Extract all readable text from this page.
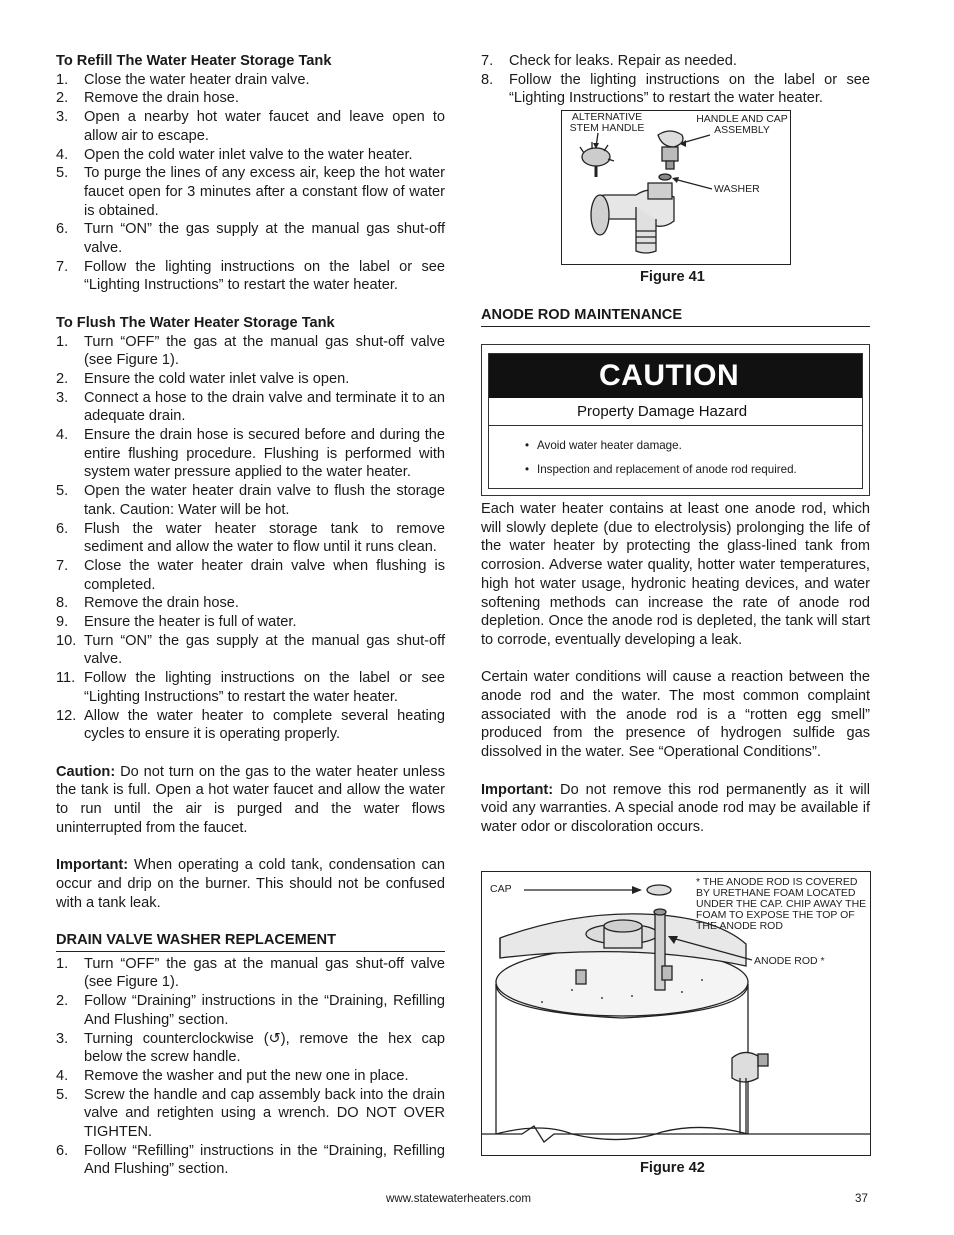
To Refill The Water Heater Storage Tank
1. Close the water heater drain valve.
2. Remove the drain hose.
3. Open a nearby hot water faucet and leave open to allow air to escape.
4. Open the cold water inlet valve to the water heater.
5. To purge the lines of any excess air, keep the hot water faucet open for 3 minutes after a constant flow of water is obtained.
6. Turn “ON” the gas supply at the manual gas shut-off valve.
7. Follow the lighting instructions on the label or see “Lighting Instructions” to restart the water heater.
To Flush The Water Heater Storage Tank
1. Turn “OFF” the gas at the manual gas shut-off valve (see Figure 1).
2. Ensure the cold water inlet valve is open.
3. Connect a hose to the drain valve and terminate it to an adequate drain.
4. Ensure the drain hose is secured before and during the entire flushing procedure. Flushing is performed with system water pressure applied to the water heater.
5. Open the water heater drain valve to flush the storage tank. Caution: Water will be hot.
6. Flush the water heater storage tank to remove sediment and allow the water to flow until it runs clean.
7. Close the water heater drain valve when flushing is completed.
8. Remove the drain hose.
9. Ensure the heater is full of water.
10. Turn “ON” the gas supply at the manual gas shut-off valve.
11. Follow the lighting instructions on the label or see “Lighting Instructions” to restart the water heater.
12. Allow the water heater to complete several heating cycles to ensure it is operating properly.

Caution: Do not turn on the gas to the water heater unless the tank is full. Open a hot water faucet and allow the water to run until the air is purged and the water flows uninterrupted from the faucet.

Important: When operating a cold tank, condensation can occur and drip on the burner. This should not be confused with a tank leak.

DRAIN VALVE WASHER REPLACEMENT
1. Turn “OFF” the gas at the manual gas shut-off valve (see Figure 1).
2. Follow “Draining” instructions in the “Draining, Refilling And Flushing” section.
3. Turning counterclockwise (↺), remove the hex cap below the screw handle.
4. Remove the washer and put the new one in place.
5. Screw the handle and cap assembly back into the drain valve and retighten using a wrench. DO NOT OVER TIGHTEN.
6. Follow “Refilling” instructions in the “Draining, Refilling And Flushing” section.
7. Check for leaks. Repair as needed.
8. Follow the lighting instructions on the label or see “Lighting Instructions” to restart the water heater.
ALTERNATIVE STEM HANDLE
HANDLE AND CAP ASSEMBLY
WASHER
Figure 41
ANODE ROD MAINTENANCE
CAUTION
Property Damage Hazard
• Avoid water heater damage.
• Inspection and replacement of anode rod required.

Each water heater contains at least one anode rod, which will slowly deplete (due to electrolysis) prolonging the life of the water heater by protecting the glass-lined tank from corrosion. Adverse water quality, hotter water temperatures, high hot water usage, hydronic heating devices, and water softening methods can increase the rate of anode rod depletion. Once the anode rod is depleted, the tank will start to corrode, eventually developing a leak.

Certain water conditions will cause a reaction between the anode rod and the water. The most common complaint associated with the anode rod is a “rotten egg smell” produced from the presence of hydrogen sulfide gas dissolved in the water. See “Operational Conditions”.

Important: Do not remove this rod permanently as it will void any warranties. A special anode rod may be available if water odor or discoloration occurs.

CAP
* THE ANODE ROD IS COVERED BY URETHANE FOAM LOCATED UNDER THE CAP. CHIP AWAY THE FOAM TO EXPOSE THE TOP OF THE ANODE ROD
ANODE ROD *
Figure 42
www.statewaterheaters.com	37
